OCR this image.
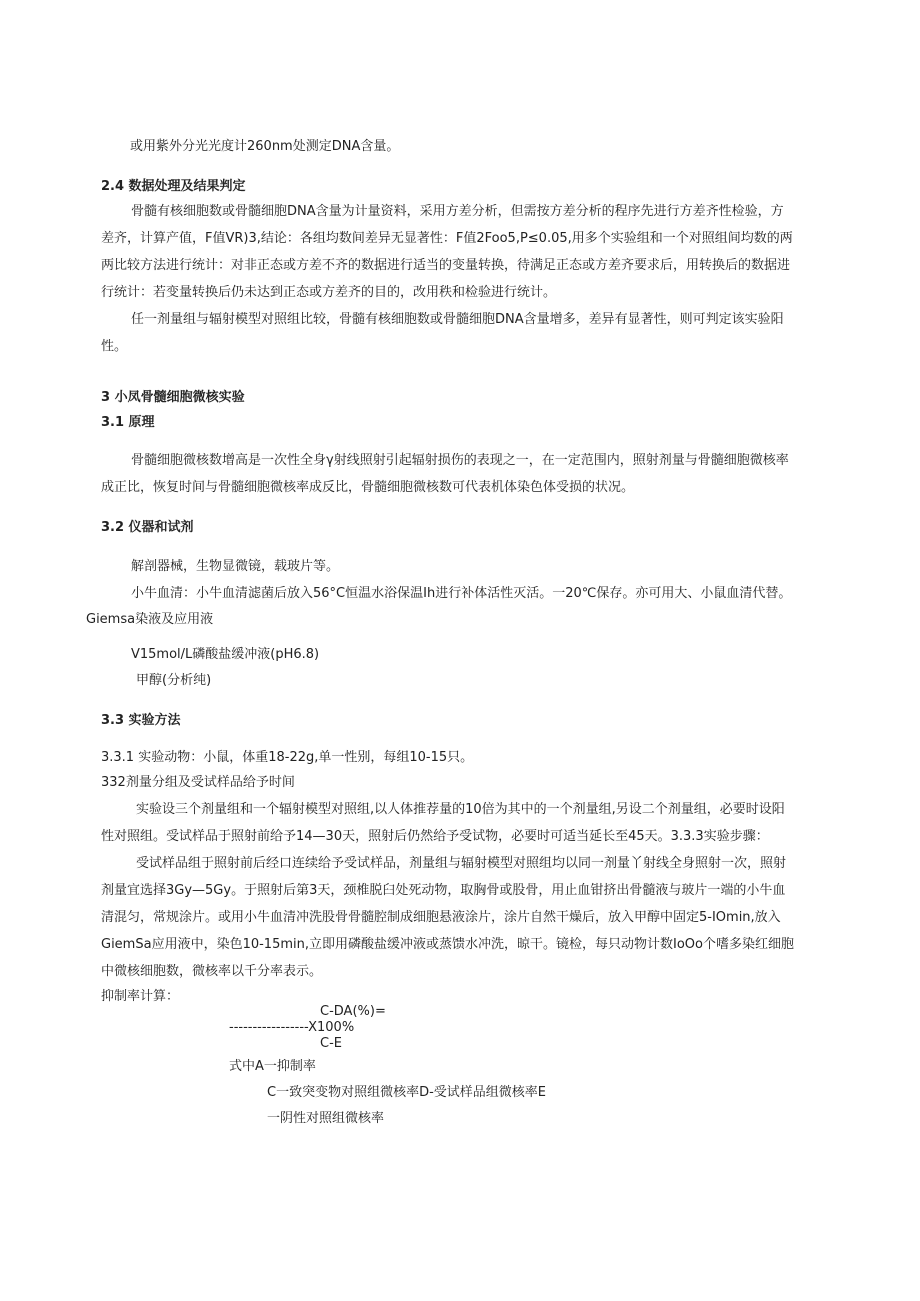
或用紫外分光光度计260nm处测定DNA含量。
2.4 数据处理及结果判定
骨髓有核细胞数或骨髓细胞DNA含量为计量资料，采用方差分析，但需按方差分析的程序先进行方差齐性检验，方
差齐，计算产值，F值VR)3,结论：各组均数间差异无显著性：F值2Foo5,P≤0.05,用多个实验组和一个对照组间均数的两
两比较方法进行统计：对非正态或方差不齐的数据进行适当的变量转换，待满足正态或方差齐要求后，用转换后的数据进
行统计：若变量转换后仍未达到正态或方差齐的目的，改用秩和检验进行统计。
任一剂量组与辐射模型对照组比较，骨髓有核细胞数或骨髓细胞DNA含量增多，差异有显著性，则可判定该实验阳
性。
3 小凤骨髓细胞微核实验
3.1 原理
骨髓细胞微核数增高是一次性全身γ射线照射引起辐射损伤的表现之一，在一定范围内，照射剂量与骨髓细胞微核率
成正比，恢复时间与骨髓细胞微核率成反比，骨髓细胞微核数可代表机体染色体受损的状况。
3.2 仪器和试剂
解剖器械，生物显微镜，载玻片等。
小牛血清：小牛血清滤菌后放入56°C恒温水浴保温Ih进行补体活性灭活。一20℃保存。亦可用大、小鼠血清代替。
Giemsa染液及应用液
V15mol/L磷酸盐缓冲液(pH6.8)
甲醇(分析纯)
3.3 实验方法
3.3.1 实验动物：小鼠，体重18-22g,单一性别，每组10-15只。
332剂量分组及受试样品给予时间
实验设三个剂量组和一个辐射模型对照组,以人体推荐量的10倍为其中的一个剂量组,另设二个剂量组，必要时设阳
性对照组。受试样品于照射前给予14—30天，照射后仍然给予受试物，必要时可适当延长至45天。3.3.3实验步骤：
受试样品组于照射前后经口连续给予受试样品，剂量组与辐射模型对照组均以同一剂量丫射线全身照射一次，照射
剂量宜选择3Gy—5Gy。于照射后第3天，颈椎脱臼处死动物，取胸骨或股骨，用止血钳挤出骨髓液与玻片一端的小牛血
清混匀，常规涂片。或用小牛血清冲洗股骨骨髓腔制成细胞悬液涂片，涂片自然干燥后，放入甲醇中固定5-IOmin,放入
GiemSa应用液中，染色10-15min,立即用磷酸盐缓冲液或蒸馈水冲洗，晾干。镜检，每只动物计数IoOo个嗜多染红细胞
中微核细胞数，微核率以千分率表示。
抑制率计算：
C-DA(%)=
-----------------X100%
C-E
式中A一抑制率
C一致突变物对照组微核率D-受试样品组微核率E
一阴性对照组微核率
